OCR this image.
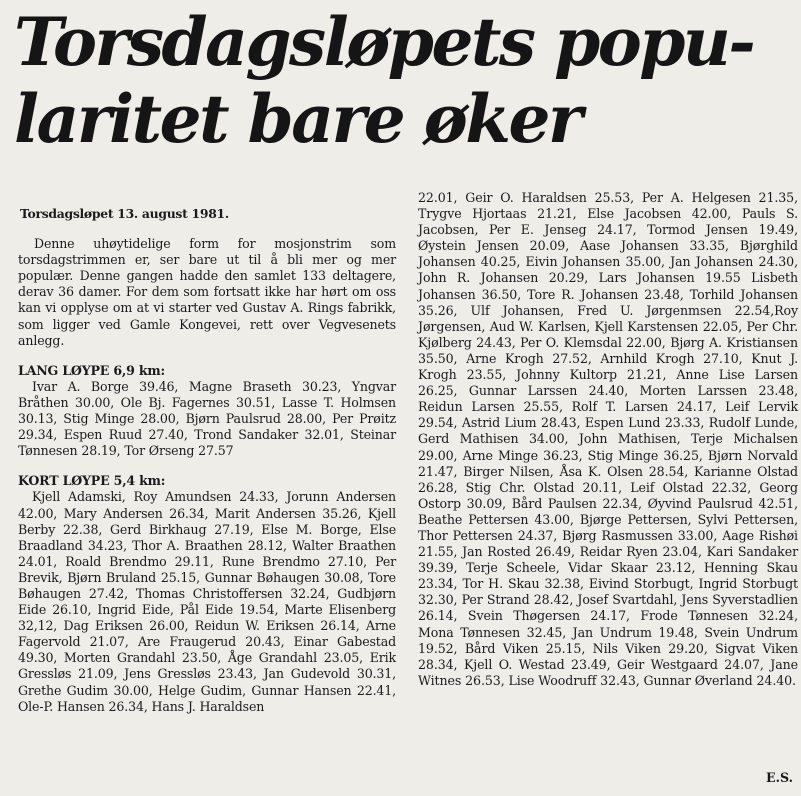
Torsdagsløpets popu-
laritet bare øker

Torsdagsløpet 13. august 1981.

Denne uhøytidelige form for mosjonstrim som torsdagstrimmen er, ser bare ut til å bli mer og mer populær. Denne gangen hadde den samlet 133 deltagere, derav 36 damer. For dem som fortsatt ikke har hørt om oss kan vi opplyse om at vi starter ved Gustav A. Rings fabrikk, som ligger ved Gamle Kongevei, rett over Vegvesenets anlegg.

LANG LØYPE 6,9 km:

Ivar A. Borge 39.46, Magne Braseth 30.23, Yngvar Bråthen 30.00, Ole Bj. Fagernes 30.51, Lasse T. Holmsen 30.13, Stig Minge 28.00, Bjørn Paulsrud 28.00, Per Prøitz 29.34, Espen Ruud 27.40, Trond Sandaker 32.01, Steinar Tønnesen 28.19, Tor Ørseng 27.57

KORT LØYPE 5,4 km:

Kjell Adamski, Roy Amundsen 24.33, Jorunn Andersen 42.00, Mary Andersen 26.34, Marit Andersen 35.26, Kjell Berby 22.38, Gerd Birkhaug 27.19, Else M. Borge, Else Braadland 34.23, Thor A. Braathen 28.12, Walter Braathen 24.01, Roald Brendmo 29.11, Rune Brendmo 27.10, Per Brevik, Bjørn Bruland 25.15, Gunnar Bøhaugen 30.08, Tore Bøhaugen 27.42, Thomas Christoffersen 32.24, Gudbjørn Eide 26.10, Ingrid Eide, Pål Eide 19.54, Marte Elisenberg 32,12, Dag Eriksen 26.00, Reidun W. Eriksen 26.14, Arne Fagervold 21.07, Are Fraugerud 20.43, Einar Gabestad 49.30, Morten Grandahl 23.50, Åge Grandahl 23.05, Erik Gressløs 21.09, Jens Gressløs 23.43, Jan Gudevold 30.31, Grethe Gudim 30.00, Helge Gudim, Gunnar Hansen 22.41, Ole-P. Hansen 26.34, Hans J. Haraldsen

22.01, Geir O. Haraldsen 25.53, Per A. Helgesen 21.35, Trygve Hjortaas 21.21, Else Jacobsen 42.00, Pauls S. Jacobsen, Per E. Jenseg 24.17, Tormod Jensen 19.49, Øystein Jensen 20.09, Aase Johansen 33.35, Bjørghild Johansen 40.25, Eivin Johansen 35.00, Jan Johansen 24.30, John R. Johansen 20.29, Lars Johansen 19.55 Lisbeth Johansen 36.50, Tore R. Johansen 23.48, Torhild Johansen 35.26, Ulf Johansen, Fred U. Jørgenmsen 22.54,Roy Jørgensen, Aud W. Karlsen, Kjell Karstensen 22.05, Per Chr. Kjølberg 24.43, Per O. Klemsdal 22.00, Bjørg A. Kristiansen 35.50, Arne Krogh 27.52, Arnhild Krogh 27.10, Knut J. Krogh 23.55, Johnny Kultorp 21.21, Anne Lise Larsen 26.25, Gunnar Larssen 24.40, Morten Larssen 23.48, Reidun Larsen 25.55, Rolf T. Larsen 24.17, Leif Lervik 29.54, Astrid Lium 28.43, Espen Lund 23.33, Rudolf Lunde, Gerd Mathisen 34.00, John Mathisen, Terje Michalsen 29.00, Arne Minge 36.23, Stig Minge 36.25, Bjørn Norvald 21.47, Birger Nilsen, Åsa K. Olsen 28.54, Karianne Olstad 26.28, Stig Chr. Olstad 20.11, Leif Olstad 22.32, Georg Ostorp 30.09, Bård Paulsen 22.34, Øyvind Paulsrud 42.51, Beathe Pettersen 43.00, Bjørge Pettersen, Sylvi Pettersen, Thor Pettersen 24.37, Bjørg Rasmussen 33.00, Aage Rishøi 21.55, Jan Rosted 26.49, Reidar Ryen 23.04, Kari Sandaker 39.39, Terje Scheele, Vidar Skaar 23.12, Henning Skau 23.34, Tor H. Skau 32.38, Eivind Storbugt, Ingrid Storbugt 32.30, Per Strand 28.42, Josef Svartdahl, Jens Syverstadlien 26.14, Svein Thøgersen 24.17, Frode Tønnesen 32.24, Mona Tønnesen 32.45, Jan Undrum 19.48, Svein Undrum 19.52, Bård Viken 25.15, Nils Viken 29.20, Sigvat Viken 28.34, Kjell O. Westad 23.49, Geir Westgaard 24.07, Jane Witnes 26.53, Lise Woodruff 32.43, Gunnar Øverland 24.40.

E.S.
